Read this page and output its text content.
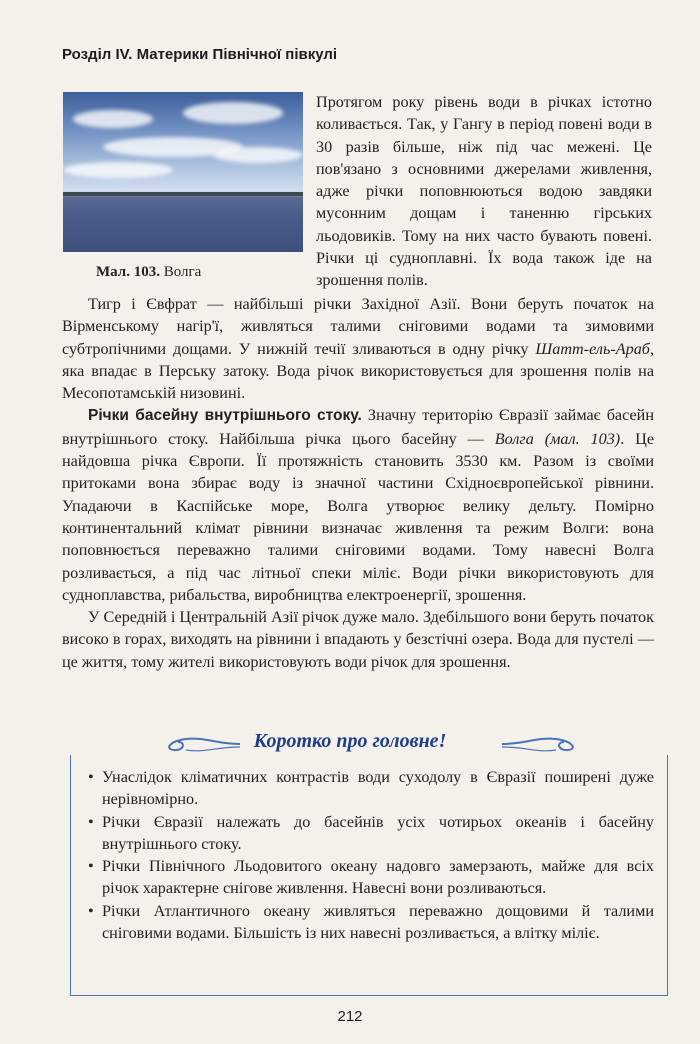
Розділ IV. Материки Північної півкулі
Мал. 103. Волга
Протягом року рівень води в річках істотно коливається. Так, у Гангу в період повені води в 30 разів більше, ніж під час межені. Це пов'язано з основними джерелами живлення, адже річки поповнюються водою завдяки мусонним дощам і таненню гірських льодовиків. Тому на них часто бувають повені. Річки ці судноплавні. Їх вода також іде на зрошення полів.

Тигр і Євфрат — найбільші річки Західної Азії. Вони беруть початок на Вірменському нагір'ї, живляться талими сніговими водами та зимовими субтропічними дощами. У нижній течії зливаються в одну річку Шатт-ель-Араб, яка впадає в Перську затоку. Вода річок використовується для зрошення полів на Месопотамській низовині.

Річки басейну внутрішнього стоку. Значну територію Євразії займає басейн внутрішнього стоку. Найбільша річка цього басейну — Волга (мал. 103). Це найдовша річка Європи. Її протяжність становить 3530 км. Разом із своїми притоками вона збирає воду із значної частини Східноєвропейської рівнини. Упадаючи в Каспійське море, Волга утворює велику дельту. Помірно континентальний клімат рівнини визначає живлення та режим Волги: вона поповнюється переважно талими сніговими водами. Тому навесні Волга розливається, а під час літньої спеки міліє. Води річки використовують для судноплавства, рибальства, виробництва електроенергії, зрошення.

У Середній і Центральній Азії річок дуже мало. Здебільшого вони беруть початок високо в горах, виходять на рівнини і впадають у безстічні озера. Вода для пустелі — це життя, тому жителі використовують води річок для зрошення.

Коротко про головне!
• Унаслідок кліматичних контрастів води суходолу в Євразії поширені дуже нерівномірно.
• Річки Євразії належать до басейнів усіх чотирьох океанів і басейну внутрішнього стоку.
• Річки Північного Льодовитого океану надовго замерзають, майже для всіх річок характерне снігове живлення. Навесні вони розливаються.
• Річки Атлантичного океану живляться переважно дощовими й талими сніговими водами. Більшість із них навесні розливається, а влітку міліє.
212
